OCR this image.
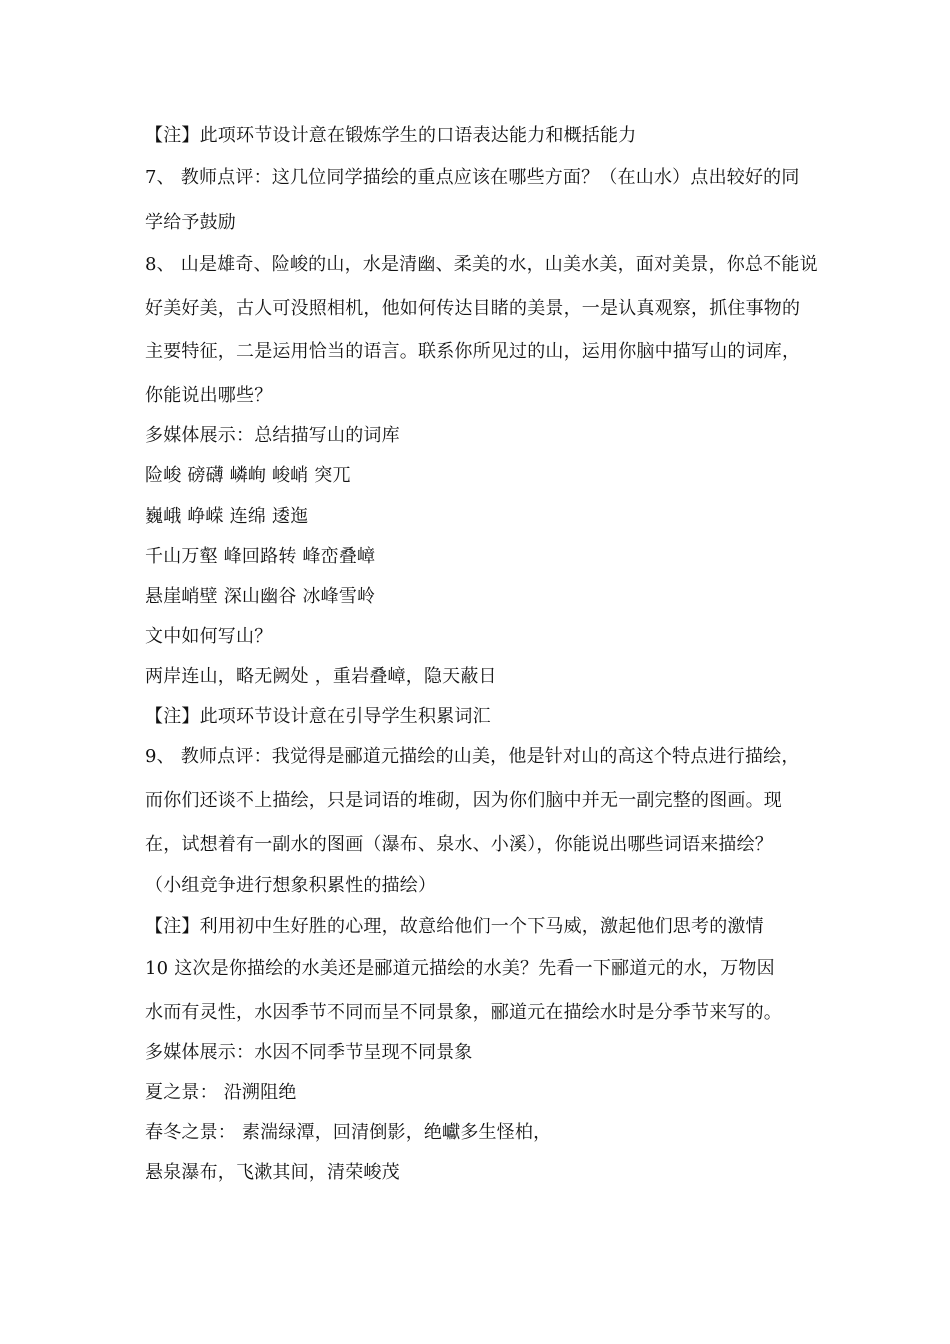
【注】此项环节设计意在锻炼学生的口语表达能力和概括能力
7、 教师点评：这几位同学描绘的重点应该在哪些方面？（在山水）点出较好的同
学给予鼓励
8、 山是雄奇、险峻的山，水是清幽、柔美的水，山美水美，面对美景，你总不能说
好美好美，古人可没照相机，他如何传达目睹的美景，一是认真观察，抓住事物的
主要特征，二是运用恰当的语言。联系你所见过的山，运用你脑中描写山的词库，
你能说出哪些？
多媒体展示：总结描写山的词库
险峻 磅礴 嶙峋 峻峭 突兀
巍峨 峥嵘 连绵 逶迤
千山万壑 峰回路转 峰峦叠嶂
悬崖峭壁 深山幽谷 冰峰雪岭
文中如何写山？
两岸连山，略无阙处 ，重岩叠嶂，隐天蔽日
【注】此项环节设计意在引导学生积累词汇
9、 教师点评：我觉得是郦道元描绘的山美，他是针对山的高这个特点进行描绘，
而你们还谈不上描绘，只是词语的堆砌，因为你们脑中并无一副完整的图画。现
在，试想着有一副水的图画（瀑布、泉水、小溪），你能说出哪些词语来描绘？
（小组竞争进行想象积累性的描绘）
【注】利用初中生好胜的心理，故意给他们一个下马威，激起他们思考的激情
10 这次是你描绘的水美还是郦道元描绘的水美？先看一下郦道元的水，万物因
水而有灵性，水因季节不同而呈不同景象，郦道元在描绘水时是分季节来写的。
多媒体展示：水因不同季节呈现不同景象
夏之景： 沿溯阻绝
春冬之景： 素湍绿潭，回清倒影，绝巘多生怪柏，
悬泉瀑布，飞漱其间，清荣峻茂
